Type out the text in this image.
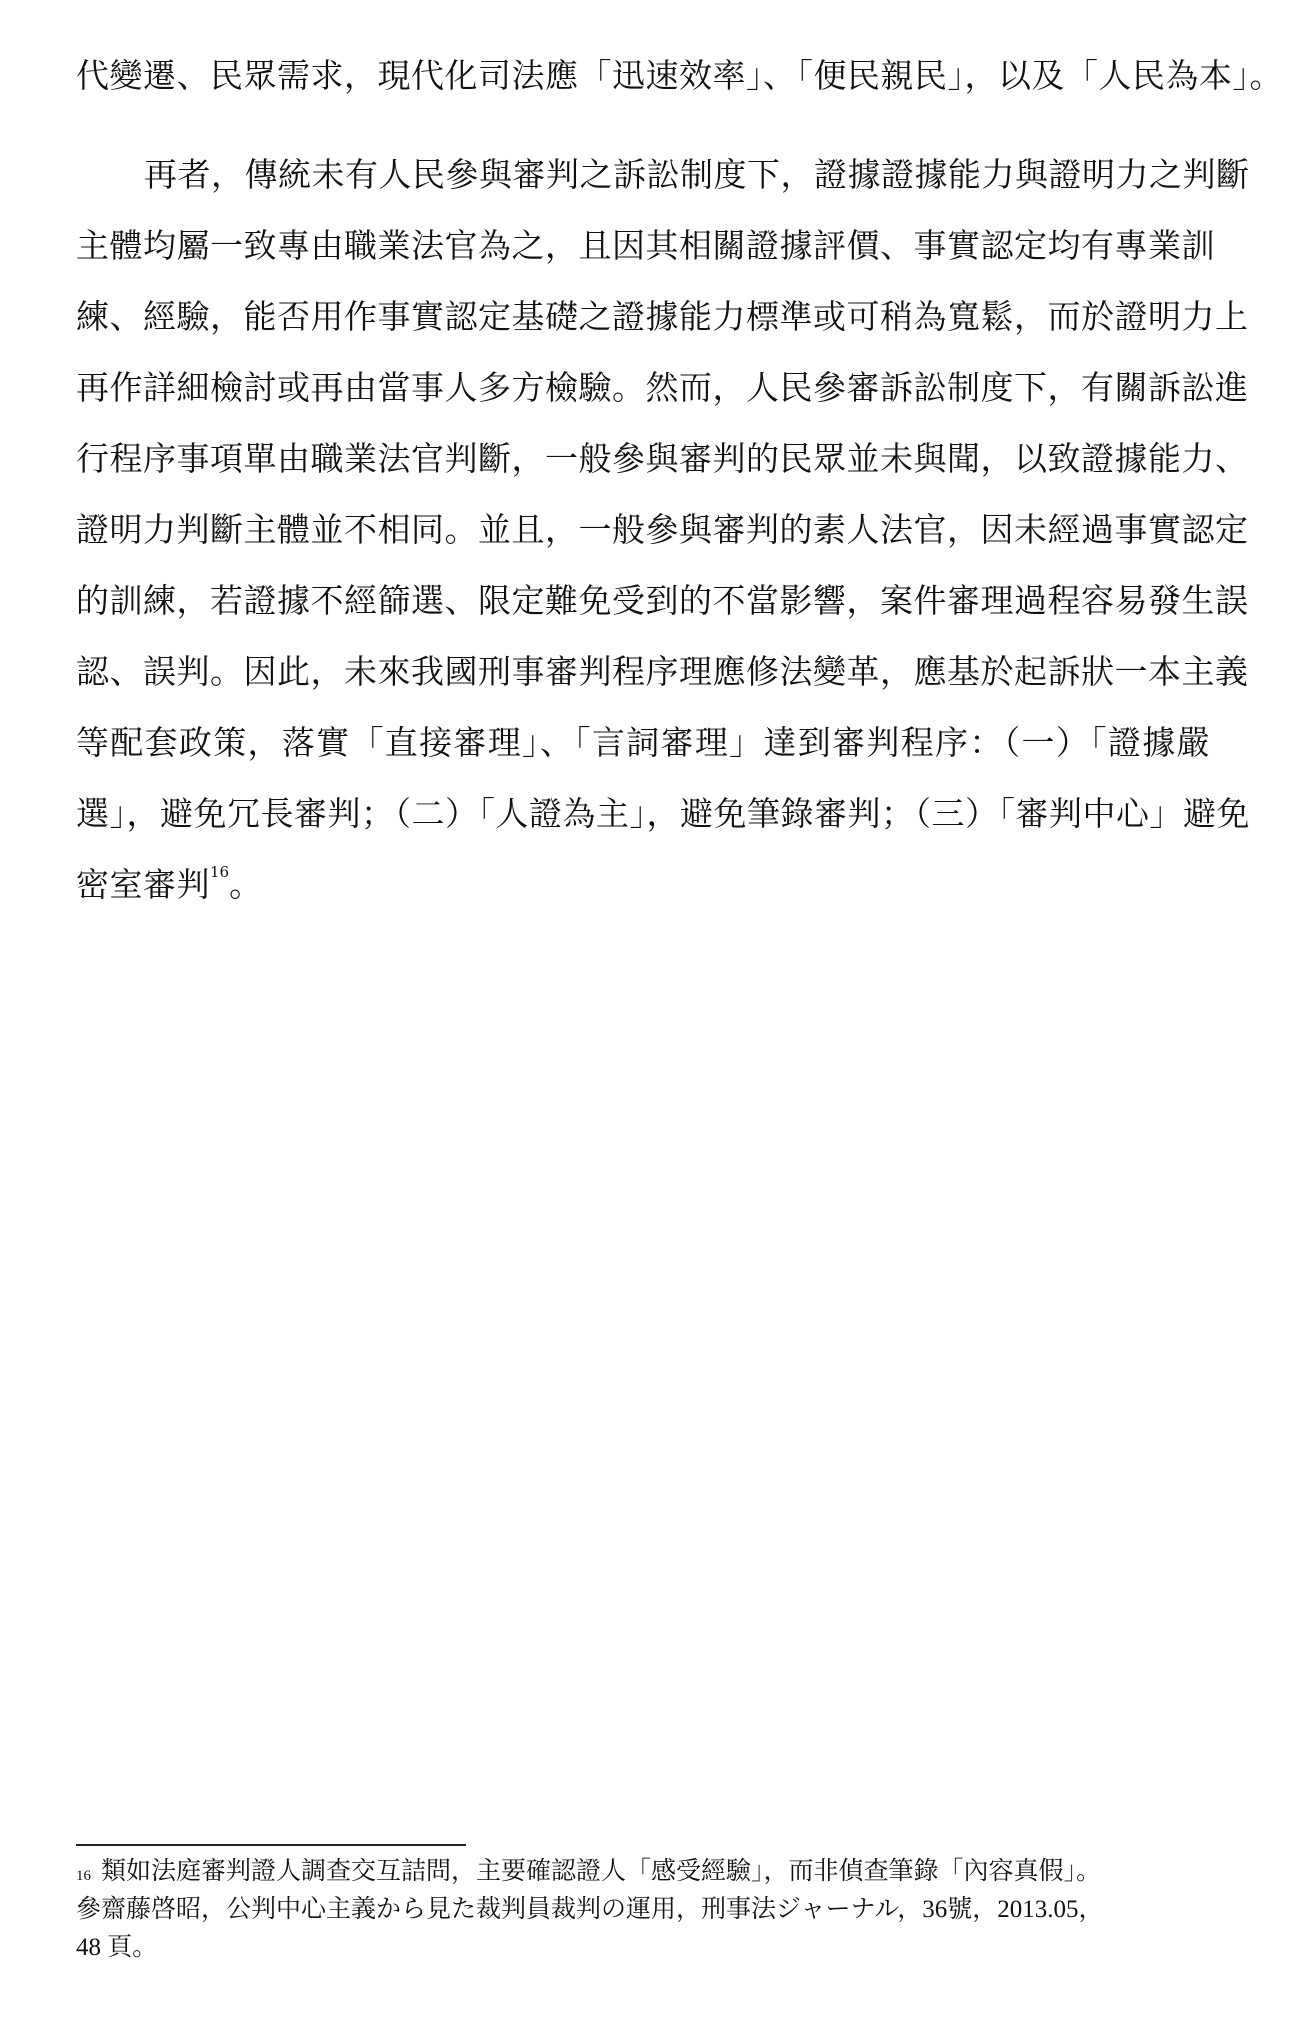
代變遷、民眾需求，現代化司法應「迅速效率」、「便民親民」，以及「人民為本」。
再者，傳統未有人民參與審判之訴訟制度下，證據證據能力與證明力之判斷
主體均屬一致專由職業法官為之，且因其相關證據評價、事實認定均有專業訓
練、經驗，能否用作事實認定基礎之證據能力標準或可稍為寬鬆，而於證明力上
再作詳細檢討或再由當事人多方檢驗。然而，人民參審訴訟制度下，有關訴訟進
行程序事項單由職業法官判斷，一般參與審判的民眾並未與聞，以致證據能力、
證明力判斷主體並不相同。並且，一般參與審判的素人法官，因未經過事實認定
的訓練，若證據不經篩選、限定難免受到的不當影響，案件審理過程容易發生誤
認、誤判。因此，未來我國刑事審判程序理應修法變革，應基於起訴狀一本主義
等配套政策，落實「直接審理」、「言詞審理」達到審判程序：（一）「證據嚴
選」，避免冗長審判；（二）「人證為主」，避免筆錄審判；（三）「審判中心」避免
密室審判$^{16}$。
$^{16}$ 類如法庭審判證人調查交互詰問，主要確認證人「感受經驗」，而非偵查筆錄「內容真假」。
參齋藤啓昭，公判中心主義から見た裁判員裁判の運用，刑事法ジャーナル，36號，2013.05，
48 頁。
